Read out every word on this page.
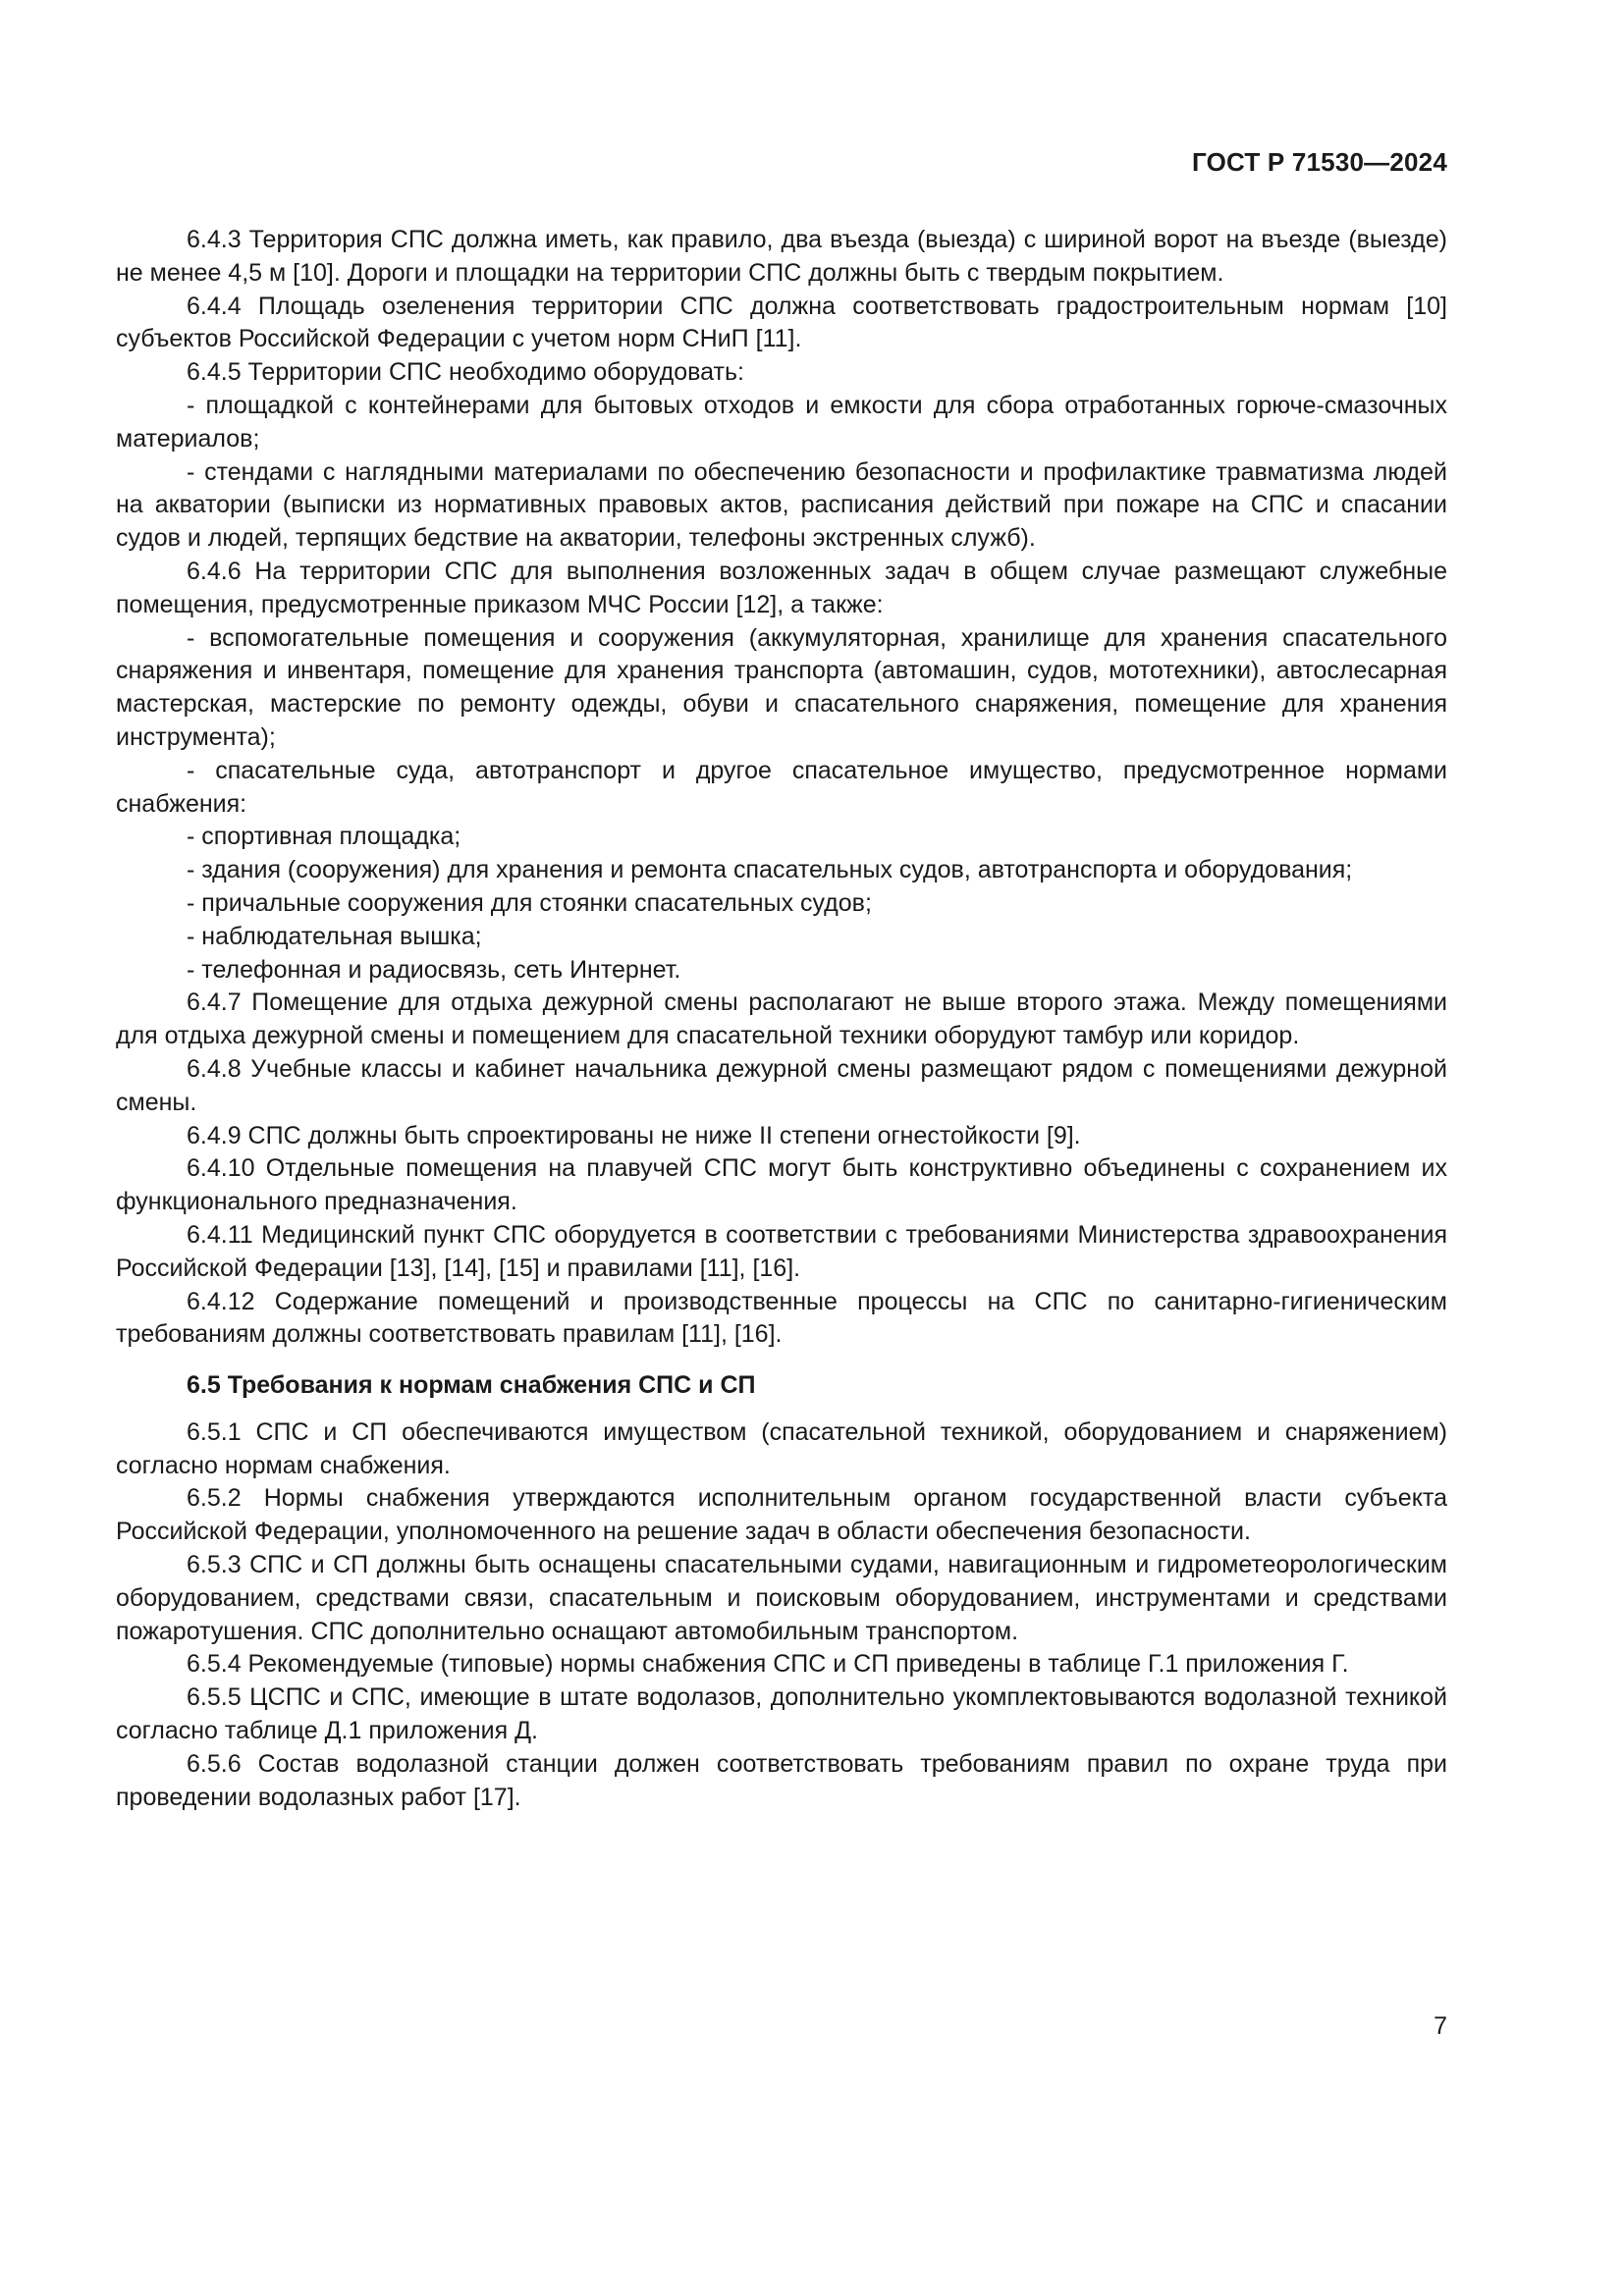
ГОСТ Р 71530—2024

6.4.3 Территория СПС должна иметь, как правило, два въезда (выезда) с шириной ворот на въезде (выезде) не менее 4,5 м [10]. Дороги и площадки на территории СПС должны быть с твердым покрытием.

6.4.4 Площадь озеленения территории СПС должна соответствовать градостроительным нормам [10] субъектов Российской Федерации с учетом норм СНиП [11].

6.4.5 Территории СПС необходимо оборудовать:

- площадкой с контейнерами для бытовых отходов и емкости для сбора отработанных горюче-смазочных материалов;

- стендами с наглядными материалами по обеспечению безопасности и профилактике травматизма людей на акватории (выписки из нормативных правовых актов, расписания действий при пожаре на СПС и спасании судов и людей, терпящих бедствие на акватории, телефоны экстренных служб).

6.4.6 На территории СПС для выполнения возложенных задач в общем случае размещают служебные помещения, предусмотренные приказом МЧС России [12], а также:

- вспомогательные помещения и сооружения (аккумуляторная, хранилище для хранения спасательного снаряжения и инвентаря, помещение для хранения транспорта (автомашин, судов, мототехники), автослесарная мастерская, мастерские по ремонту одежды, обуви и спасательного снаряжения, помещение для хранения инструмента);

- спасательные суда, автотранспорт и другое спасательное имущество, предусмотренное нормами снабжения:

- спортивная площадка;

- здания (сооружения) для хранения и ремонта спасательных судов, автотранспорта и оборудования;

- причальные сооружения для стоянки спасательных судов;

- наблюдательная вышка;

- телефонная и радиосвязь, сеть Интернет.

6.4.7 Помещение для отдыха дежурной смены располагают не выше второго этажа. Между помещениями для отдыха дежурной смены и помещением для спасательной техники оборудуют тамбур или коридор.

6.4.8 Учебные классы и кабинет начальника дежурной смены размещают рядом с помещениями дежурной смены.

6.4.9 СПС должны быть спроектированы не ниже II степени огнестойкости [9].

6.4.10 Отдельные помещения на плавучей СПС могут быть конструктивно объединены с сохранением их функционального предназначения.

6.4.11 Медицинский пункт СПС оборудуется в соответствии с требованиями Министерства здравоохранения Российской Федерации [13], [14], [15] и правилами [11], [16].

6.4.12 Содержание помещений и производственные процессы на СПС по санитарно-гигиеническим требованиям должны соответствовать правилам [11], [16].

6.5 Требования к нормам снабжения СПС и СП

6.5.1 СПС и СП обеспечиваются имуществом (спасательной техникой, оборудованием и снаряжением) согласно нормам снабжения.

6.5.2 Нормы снабжения утверждаются исполнительным органом государственной власти субъекта Российской Федерации, уполномоченного на решение задач в области обеспечения безопасности.

6.5.3 СПС и СП должны быть оснащены спасательными судами, навигационным и гидрометеорологическим оборудованием, средствами связи, спасательным и поисковым оборудованием, инструментами и средствами пожаротушения. СПС дополнительно оснащают автомобильным транспортом.

6.5.4 Рекомендуемые (типовые) нормы снабжения СПС и СП приведены в таблице Г.1 приложения Г.

6.5.5 ЦСПС и СПС, имеющие в штате водолазов, дополнительно укомплектовываются водолазной техникой согласно таблице Д.1 приложения Д.

6.5.6 Состав водолазной станции должен соответствовать требованиям правил по охране труда при проведении водолазных работ [17].

7
